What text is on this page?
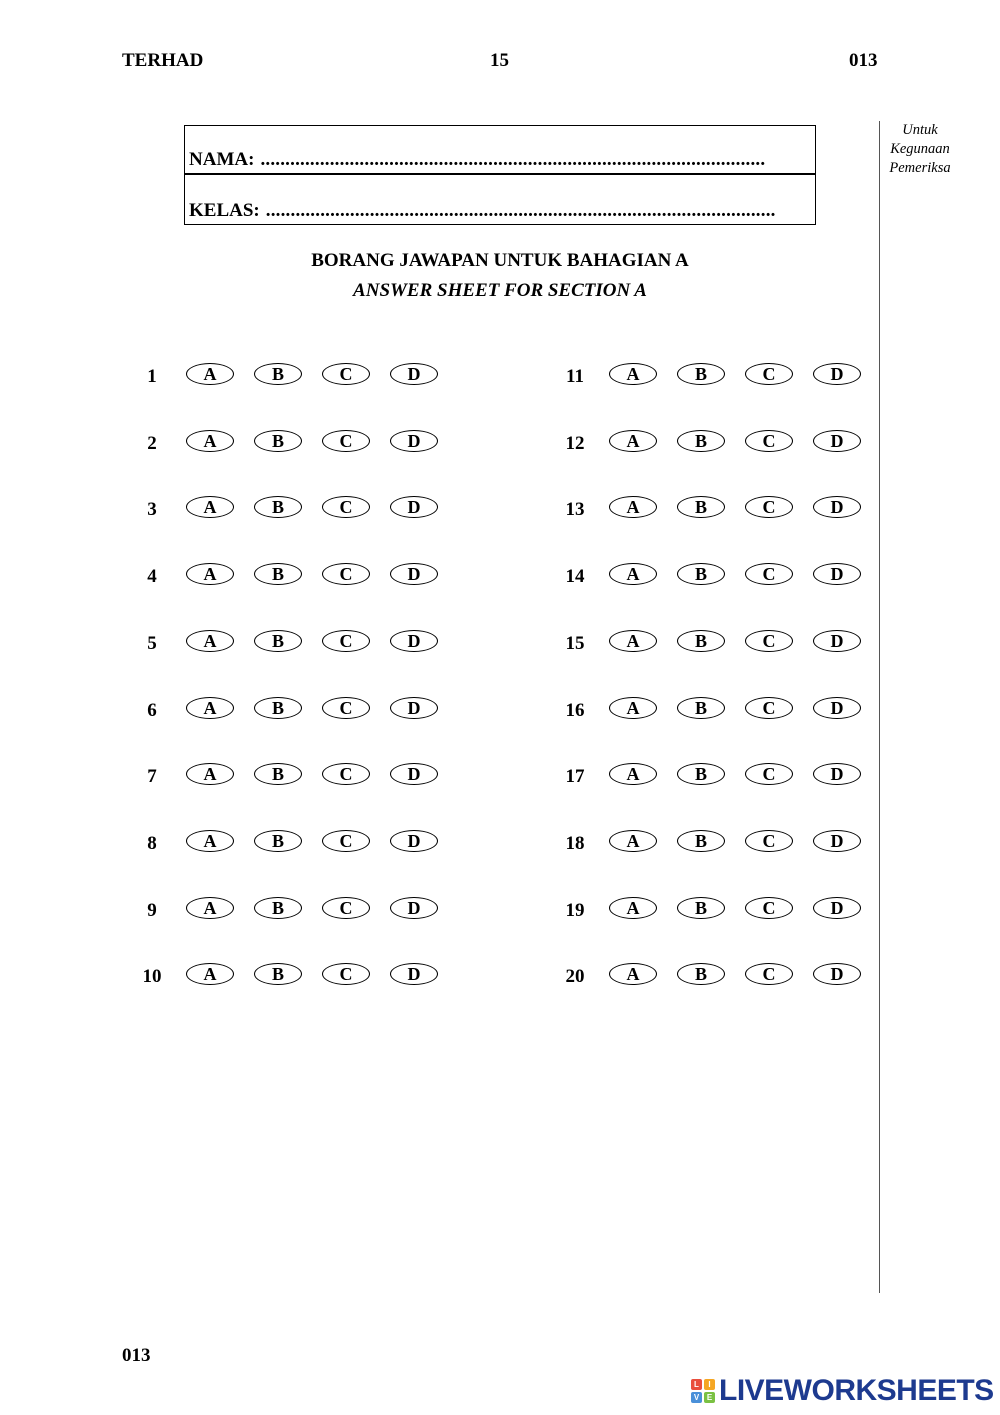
TERHAD	15	013
Untuk
Kegunaan
Pemeriksa
NAMA: ......................................................................................................
KELAS: .......................................................................................................
BORANG JAWAPAN UNTUK BAHAGIAN A
ANSWER SHEET FOR SECTION A
1	A	B	C	D
2	A	B	C	D
3	A	B	C	D
4	A	B	C	D
5	A	B	C	D
6	A	B	C	D
7	A	B	C	D
8	A	B	C	D
9	A	B	C	D
10	A	B	C	D
11	A	B	C	D
12	A	B	C	D
13	A	B	C	D
14	A	B	C	D
15	A	B	C	D
16	A	B	C	D
17	A	B	C	D
18	A	B	C	D
19	A	B	C	D
20	A	B	C	D
013
L	I
V E LIVEWORKSHEETS
